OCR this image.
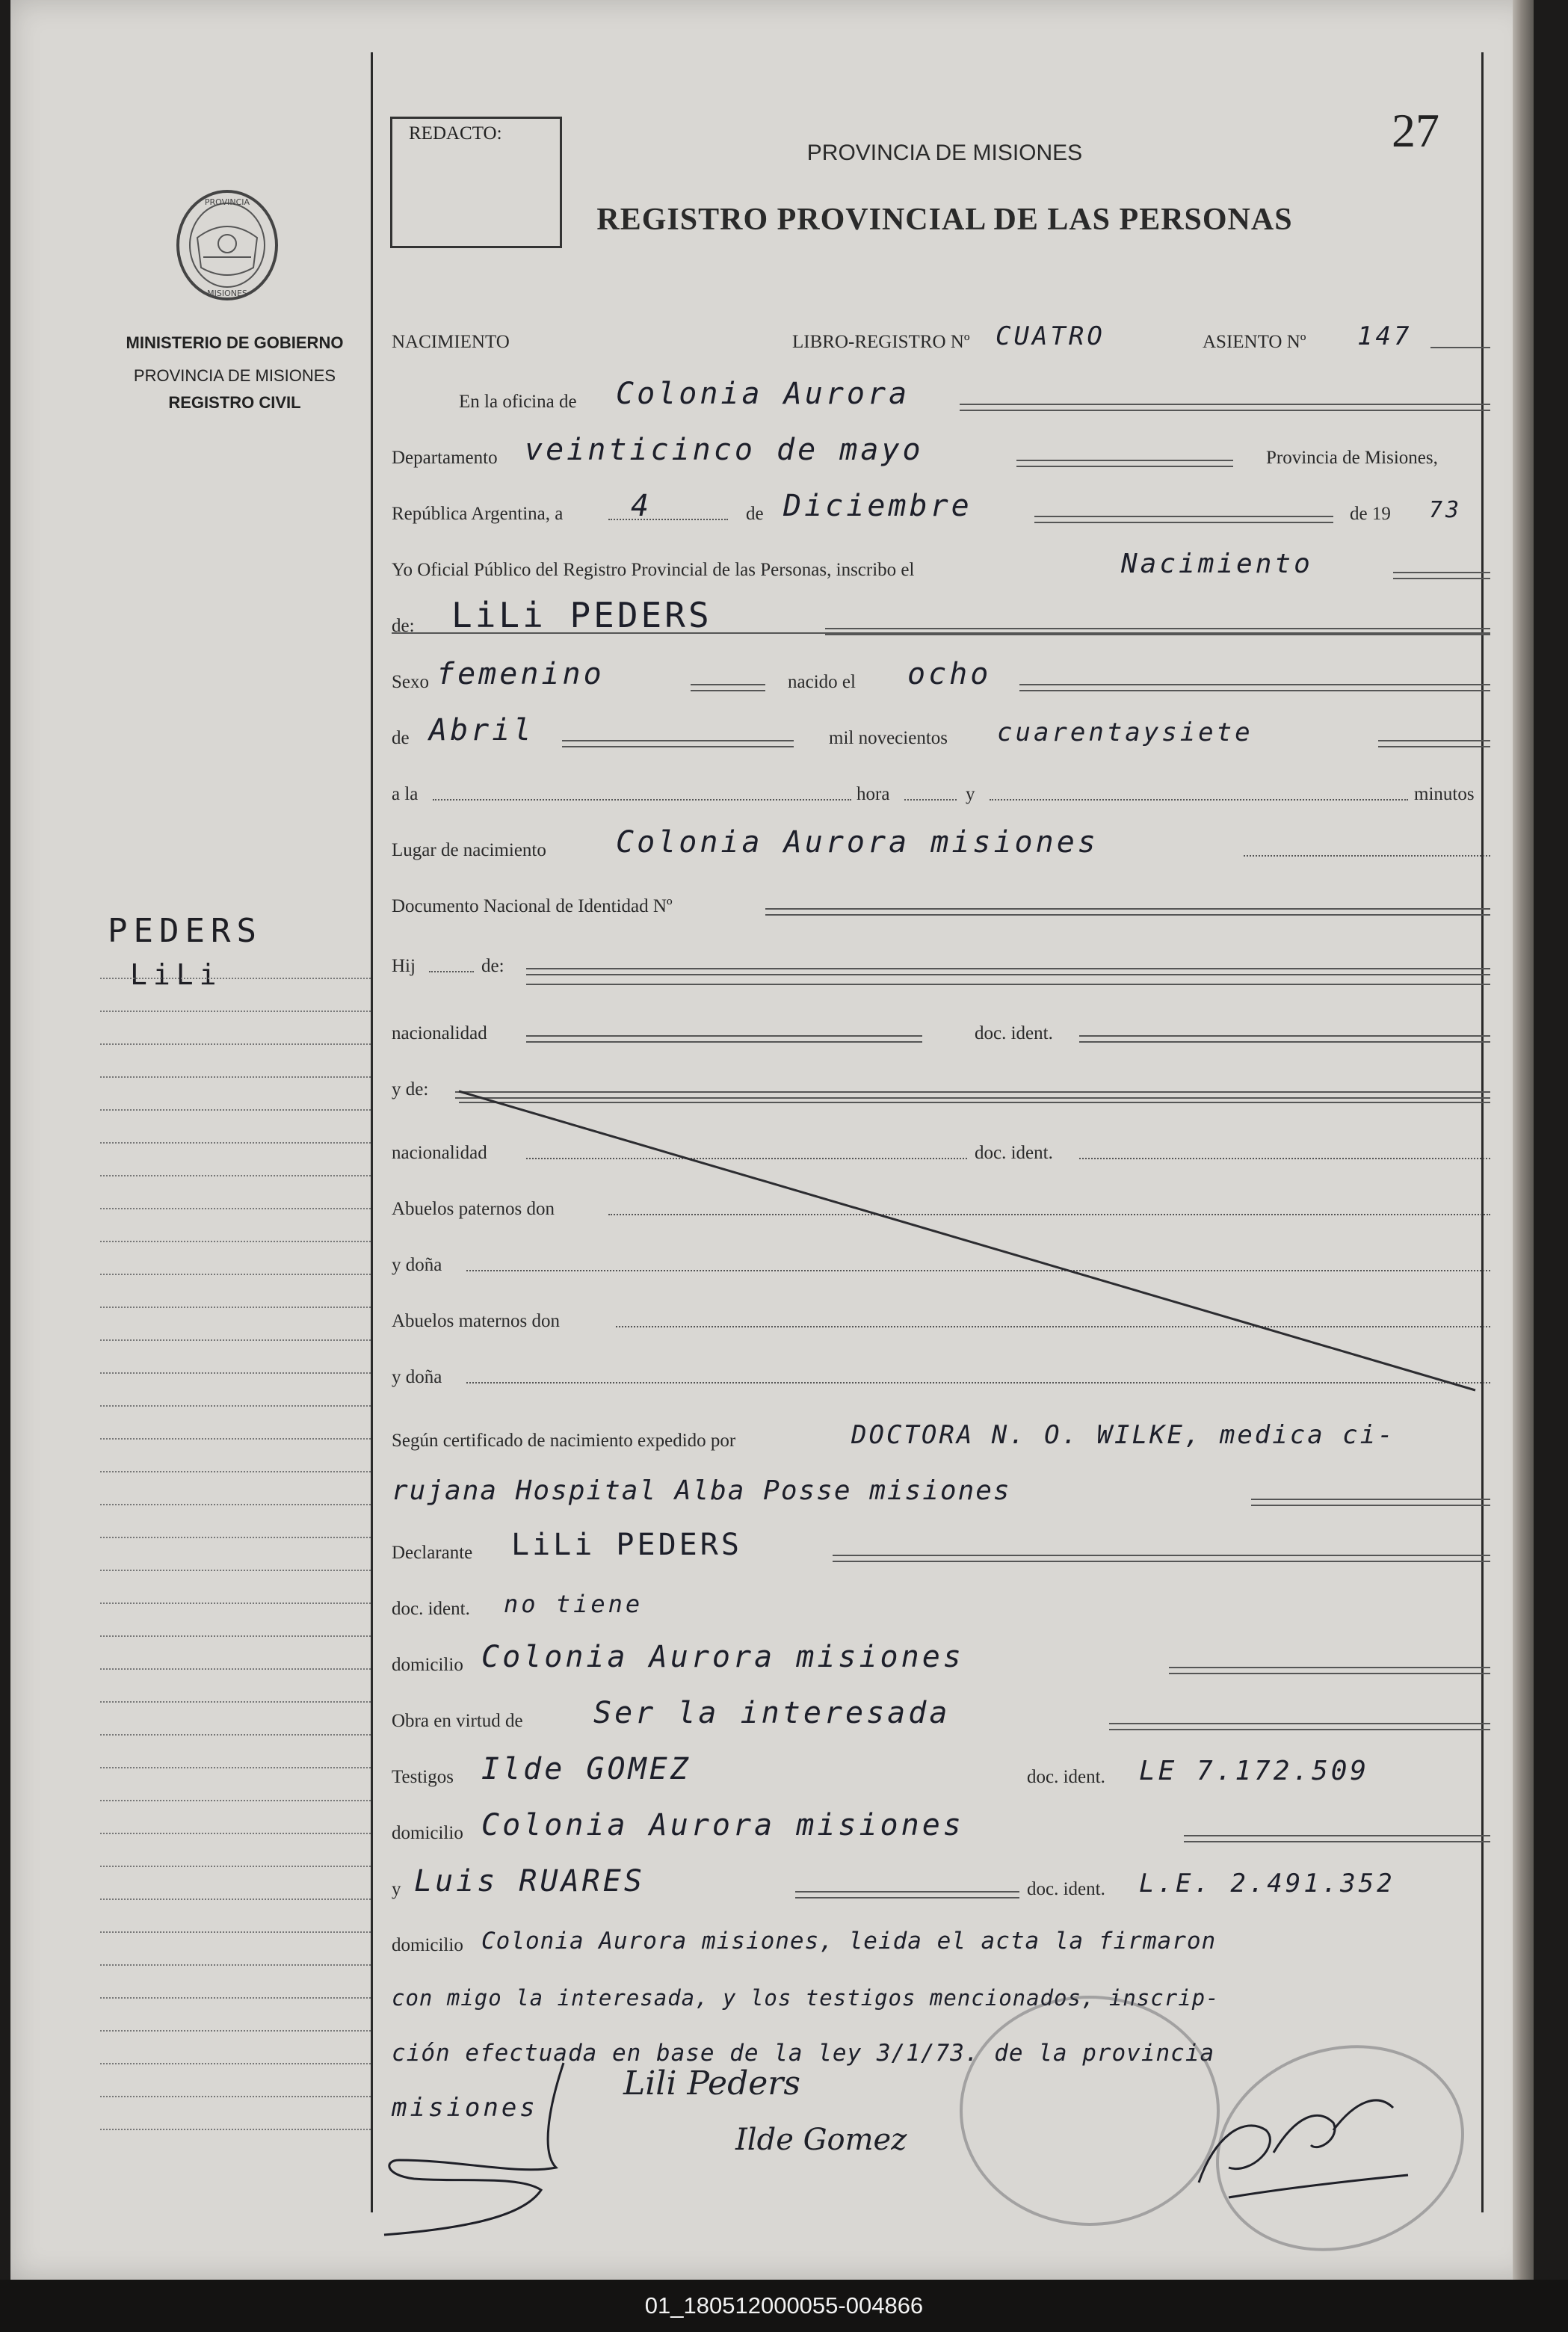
REDACTO:	27
PROVINCIA DE MISIONES
REGISTRO PROVINCIAL DE LAS PERSONAS
PROVINCIA
MISIONES
MINISTERIO DE GOBIERNO
PROVINCIA DE MISIONES
REGISTRO CIVIL
PEDERS
LiLi
NACIMIENTO	LIBRO-REGISTRO Nº CUATRO	ASIENTO Nº 147
En la oficina de Colonia Aurora
Departamento veinticinco de mayo	Provincia de Misiones,
República Argentina, a 4	de Diciembre	de 19 73
Yo Oficial Público del Registro Provincial de las Personas, inscribo el	Nacimiento
de: LiLi PEDERS
Sexo femenino	nacido el ocho
de Abril	mil novecientos cuarentaysiete
a la	hora	y	minutos
Lugar de nacimiento Colonia Aurora misiones
Documento Nacional de Identidad Nº
Hij	de:
nacionalidad	doc. ident.
y de:
nacionalidad	doc. ident.
Abuelos paternos don
y doña
Abuelos maternos don
y doña
Según certificado de nacimiento expedido por	DOCTORA N. O. WILKE, medica ci-
rujana Hospital Alba Posse misiones
Declarante LiLi PEDERS
doc. ident. no tiene
domicilio Colonia Aurora misiones
Obra en virtud de Ser la interesada
Testigos Ilde GOMEZ	doc. ident. LE 7.172.509
domicilio Colonia Aurora misiones
y Luis RUARES	doc. ident. L.E. 2.491.352
domicilio Colonia Aurora misiones, leida el acta la firmaron
con migo la interesada, y los testigos mencionados, inscrip-
ción efectuada en base de la ley 3/1/73. de la provincia
misiones
Lili Peders
Ilde Gomez
01_180512000055-004866
